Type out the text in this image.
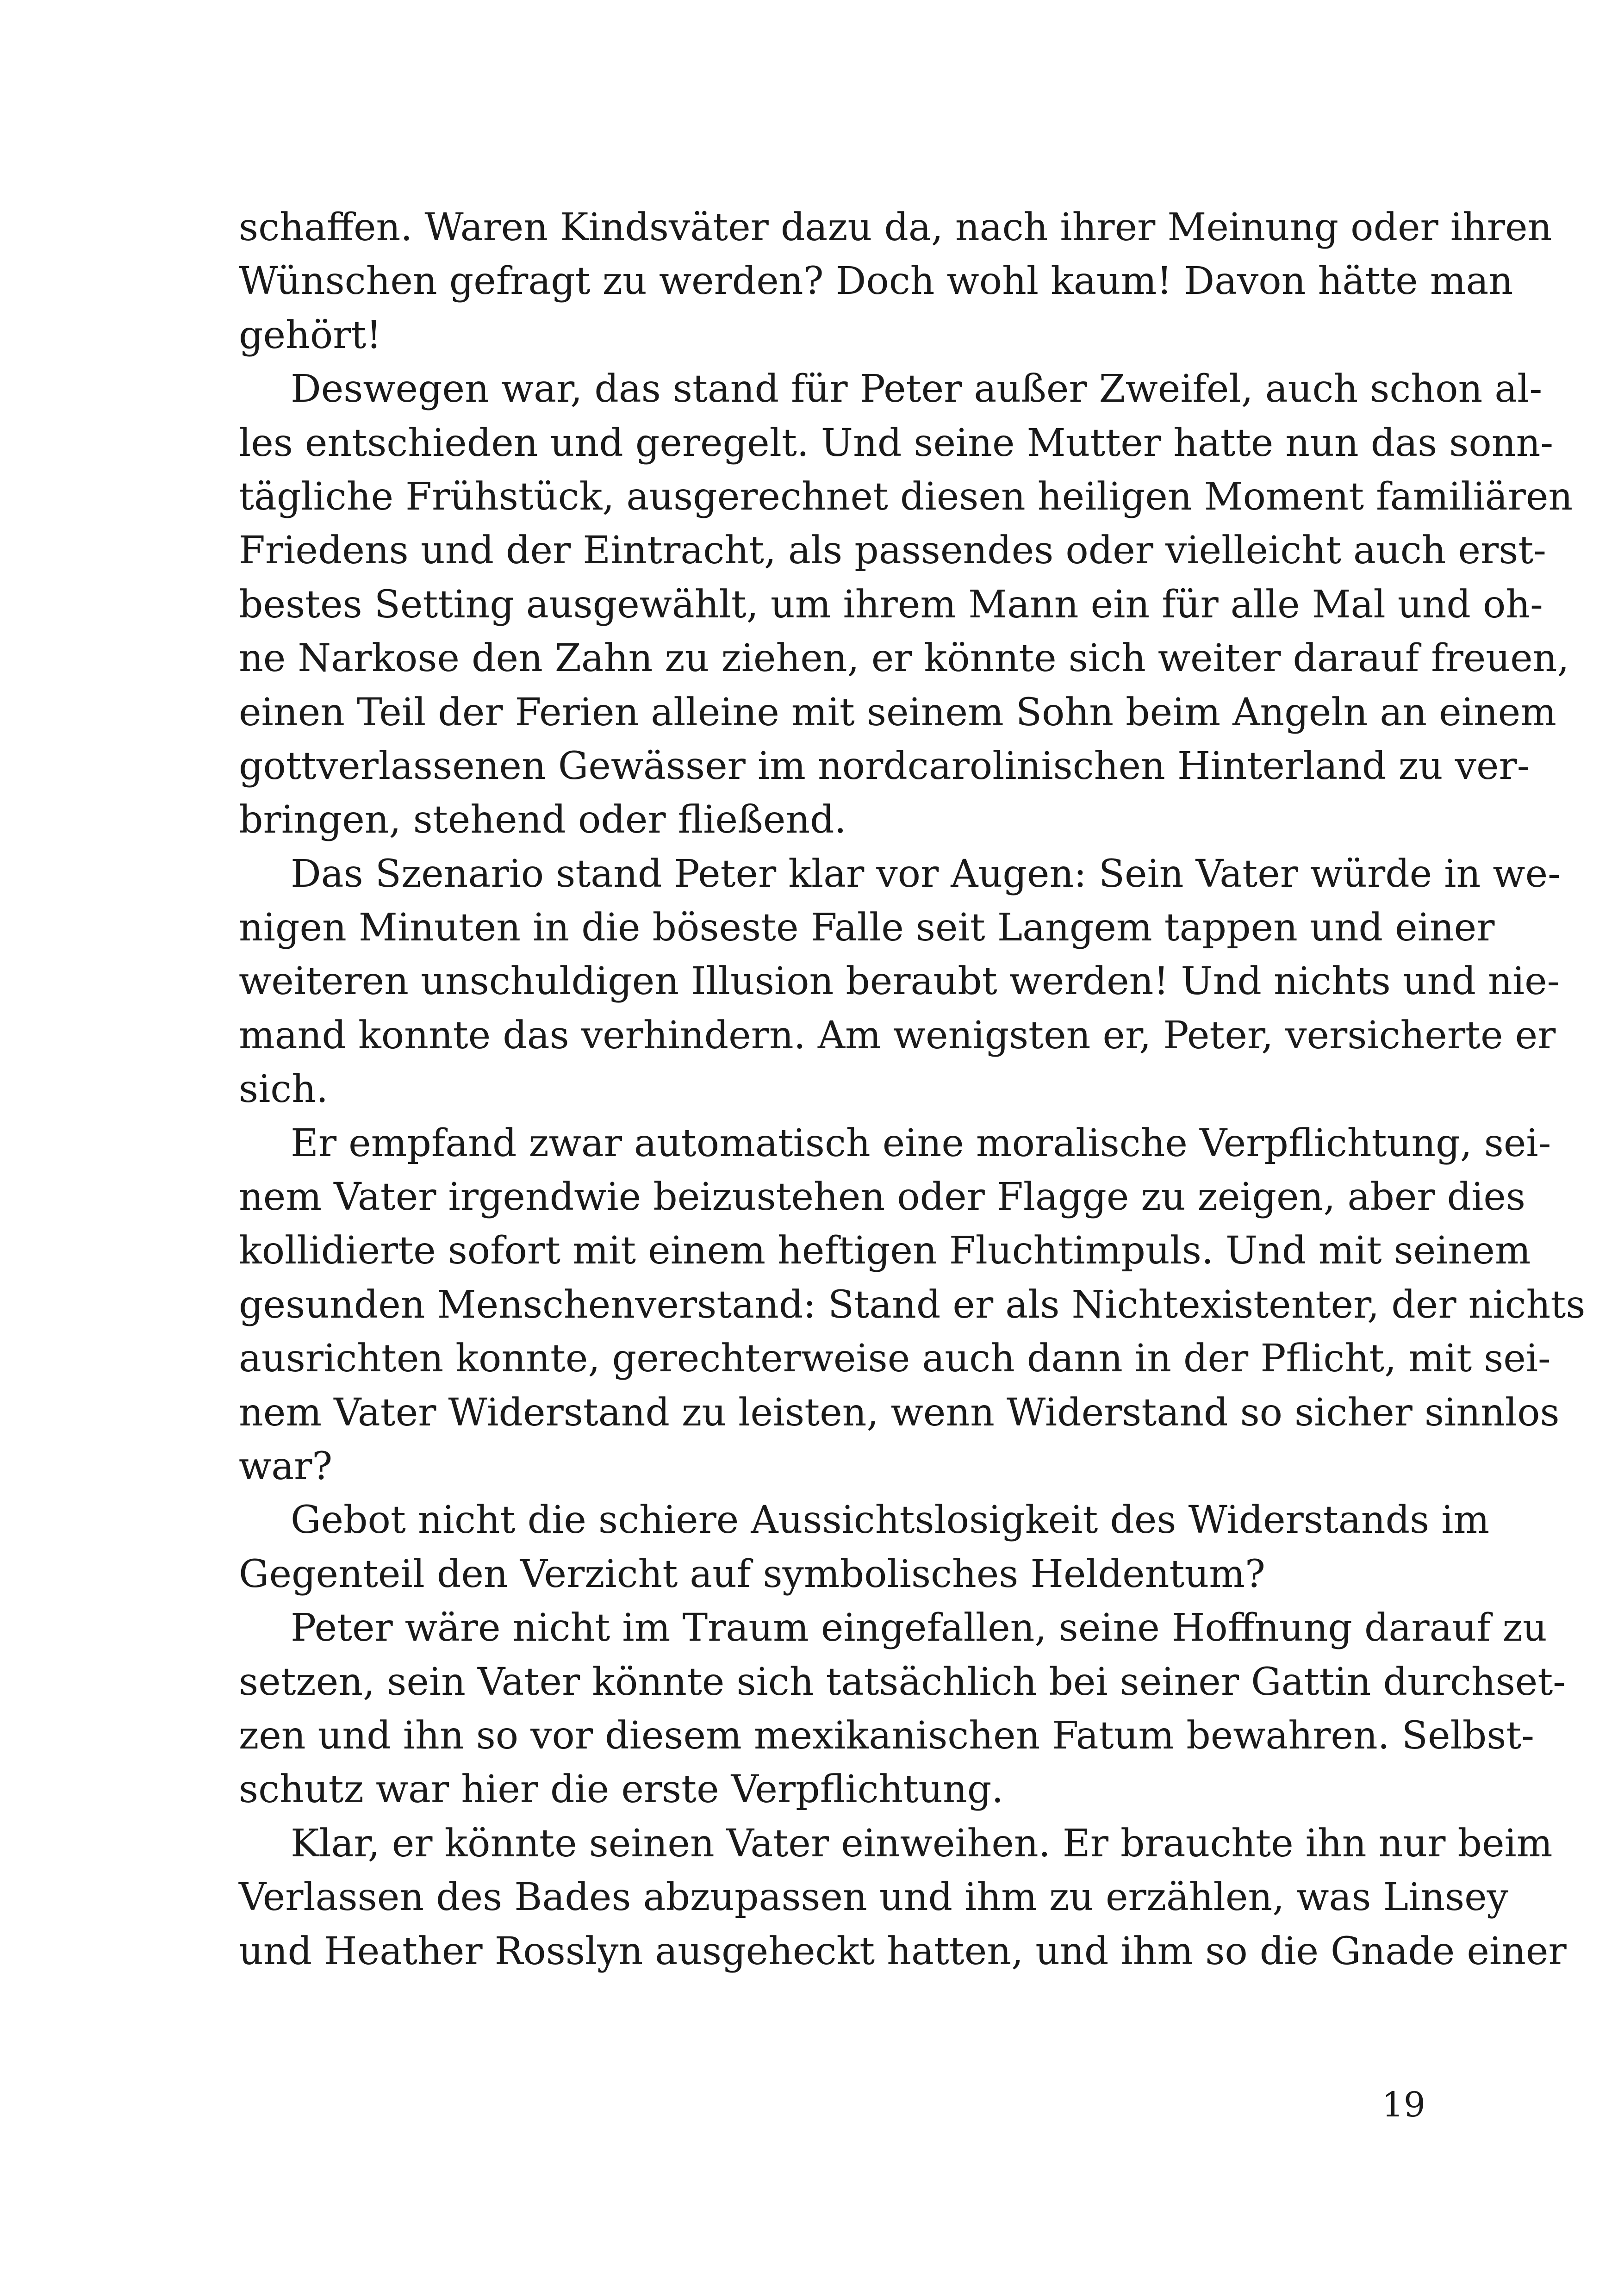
schaffen. Waren Kindsväter dazu da, nach ihrer Meinung oder ihren
Wünschen gefragt zu werden? Doch wohl kaum! Davon hätte man
gehört!
Deswegen war, das stand für Peter außer Zweifel, auch schon al-
les entschieden und geregelt. Und seine Mutter hatte nun das sonn-
tägliche Frühstück, ausgerechnet diesen heiligen Moment familiären
Friedens und der Eintracht, als passendes oder vielleicht auch erst-
bestes Setting ausgewählt, um ihrem Mann ein für alle Mal und oh-
ne Narkose den Zahn zu ziehen, er könnte sich weiter darauf freuen,
einen Teil der Ferien alleine mit seinem Sohn beim Angeln an einem
gottverlassenen Gewässer im nordcarolinischen Hinterland zu ver-
bringen, stehend oder fließend.
Das Szenario stand Peter klar vor Augen: Sein Vater würde in we-
nigen Minuten in die böseste Falle seit Langem tappen und einer
weiteren unschuldigen Illusion beraubt werden! Und nichts und nie-
mand konnte das verhindern. Am wenigsten er, Peter, versicherte er
sich.
Er empfand zwar automatisch eine moralische Verpflichtung, sei-
nem Vater irgendwie beizustehen oder Flagge zu zeigen, aber dies
kollidierte sofort mit einem heftigen Fluchtimpuls. Und mit seinem
gesunden Menschenverstand: Stand er als Nichtexistenter, der nichts
ausrichten konnte, gerechterweise auch dann in der Pflicht, mit sei-
nem Vater Widerstand zu leisten, wenn Widerstand so sicher sinnlos
war?
Gebot nicht die schiere Aussichtslosigkeit des Widerstands im
Gegenteil den Verzicht auf symbolisches Heldentum?
Peter wäre nicht im Traum eingefallen, seine Hoffnung darauf zu
setzen, sein Vater könnte sich tatsächlich bei seiner Gattin durchset-
zen und ihn so vor diesem mexikanischen Fatum bewahren. Selbst-
schutz war hier die erste Verpflichtung.
Klar, er könnte seinen Vater einweihen. Er brauchte ihn nur beim
Verlassen des Bades abzupassen und ihm zu erzählen, was Linsey
und Heather Rosslyn ausgeheckt hatten, und ihm so die Gnade einer
19
